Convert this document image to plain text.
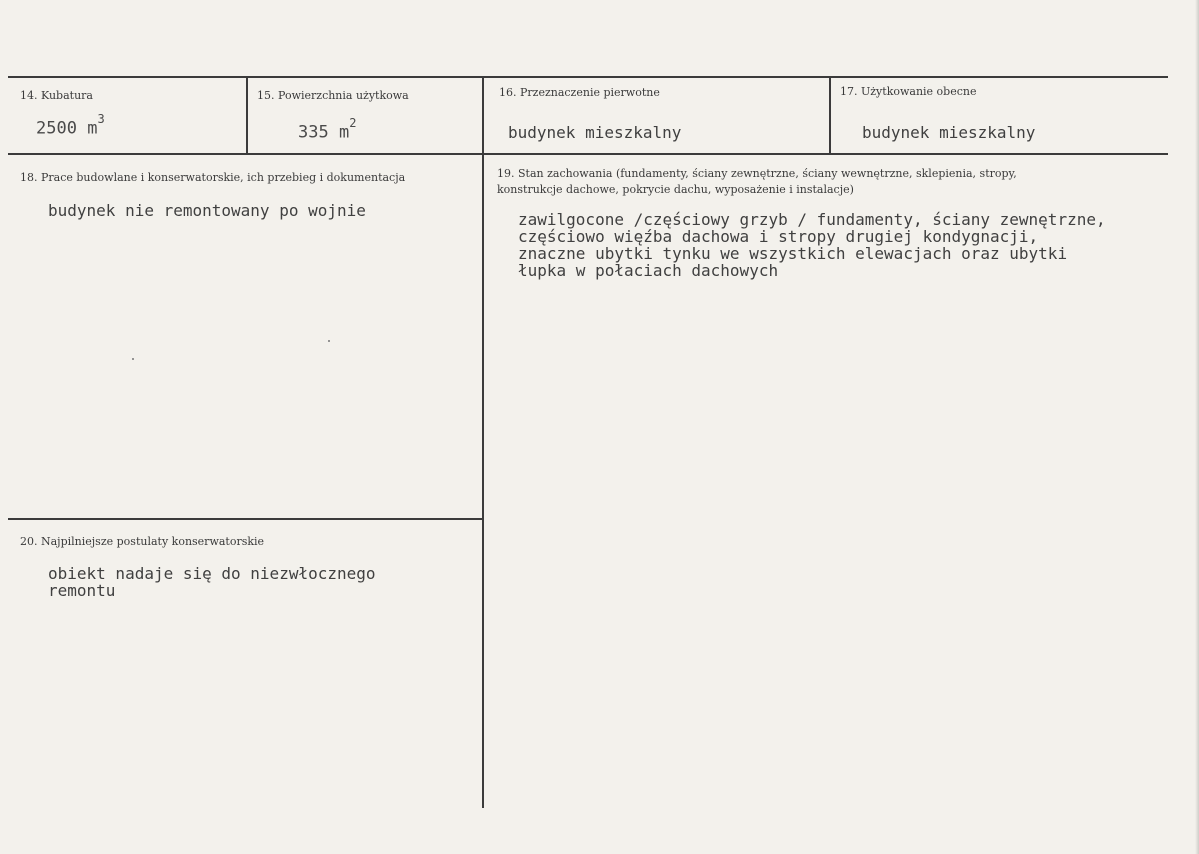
14. Kubatura
2500 $m^3$
15. Powierzchnia użytkowa
335 $m^2$
16. Przeznaczenie pierwotne
budynek mieszkalny
17. Użytkowanie obecne
budynek mieszkalny
18. Prace budowlane i konserwatorskie, ich przebieg i dokumentacja
budynek nie remontowany po wojnie
19. Stan zachowania (fundamenty, ściany zewnętrzne, ściany wewnętrzne, sklepienia, stropy,
konstrukcje dachowe, pokrycie dachu, wyposażenie i instalacje)
zawilgocone /częściowy grzyb / fundamenty, ściany zewnętrzne,
częściowo więźba dachowa i stropy drugiej kondygnacji,
znaczne ubytki tynku we wszystkich elewacjach oraz ubytki
łupka w połaciach dachowych
20. Najpilniejsze postulaty konserwatorskie
obiekt nadaje się do niezwłocznego
remontu
